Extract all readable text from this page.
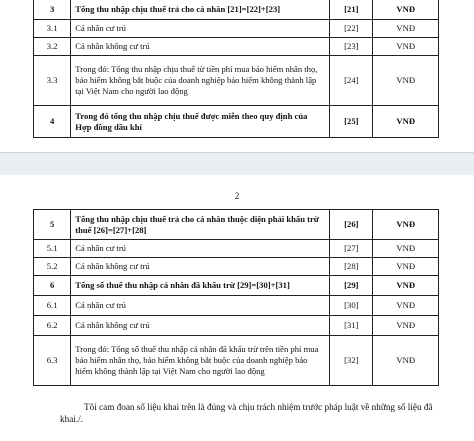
3	Tổng thu nhập chịu thuế trả cho cá nhân [21]=[22]+[23]	[21]	VNĐ
3.1	Cá nhân cư trú	[22]	VNĐ
3.2	Cá nhân không cư trú	[23]	VNĐ
3.3	Trong đó: Tổng thu nhập chịu thuế từ tiền phí mua bảo hiểm nhân thọ, bảo hiểm không bắt buộc của doanh nghiệp bảo hiểm không thành lập tại Việt Nam cho người lao động	[24]	VNĐ
4	Trong đó tổng thu nhập chịu thuế được miễn theo quy định của Hợp đồng dầu khí	[25]	VNĐ
2
5	Tổng thu nhập chịu thuế trả cho cá nhân thuộc diện phải khấu trừ thuế [26]=[27]+[28]	[26]	VNĐ
5.1	Cá nhân cư trú	[27]	VNĐ
5.2	Cá nhân không cư trú	[28]	VNĐ
6	Tổng số thuế thu nhập cá nhân đã khấu trừ [29]=[30]+[31]	[29]	VNĐ
6.1	Cá nhân cư trú	[30]	VNĐ
6.2	Cá nhân không cư trú	[31]	VNĐ
6.3	Trong đó: Tổng số thuế thu nhập cá nhân đã khấu trừ trên tiền phí mua bảo hiểm nhân thọ, bảo hiểm không bắt buộc của doanh nghiệp bảo hiểm không thành lập tại Việt Nam cho người lao động	[32]	VNĐ
Tôi cam đoan số liệu khai trên là đúng và chịu trách nhiệm trước pháp luật về những số liệu đã khai./.
